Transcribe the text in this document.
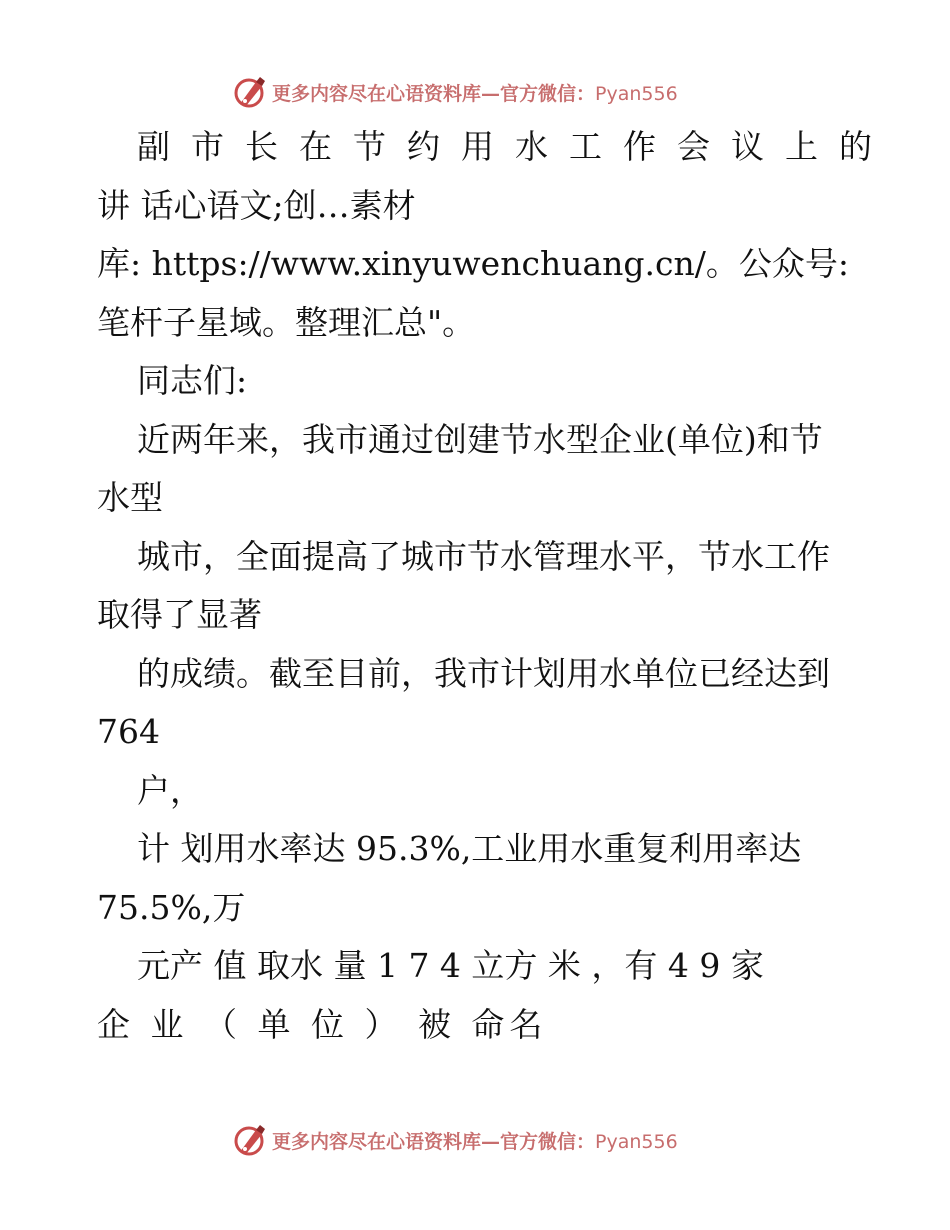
更多内容尽在心语资料库—官方微信：Pyan556
副市长在节约用水工作会议上的
讲 话心语文;创…素材
库: https://www.xinyuwenchuang.cn/。公众号:
笔杆子星域。整理汇总"。
同志们:
近两年来，我市通过创建节水型企业(单位)和节
水型
城市，全面提高了城市节水管理水平，节水工作
取得了显著
的成绩。截至目前，我市计划用水单位已经达到
764
户，
计 划用水率达 95.3%,工业用水重复利用率达
75.5%,万
元产 值 取水 量 1 7 4 立方 米 ，有 4 9 家
企 业 （ 单 位 ） 被 命名
更多内容尽在心语资料库—官方微信：Pyan556
